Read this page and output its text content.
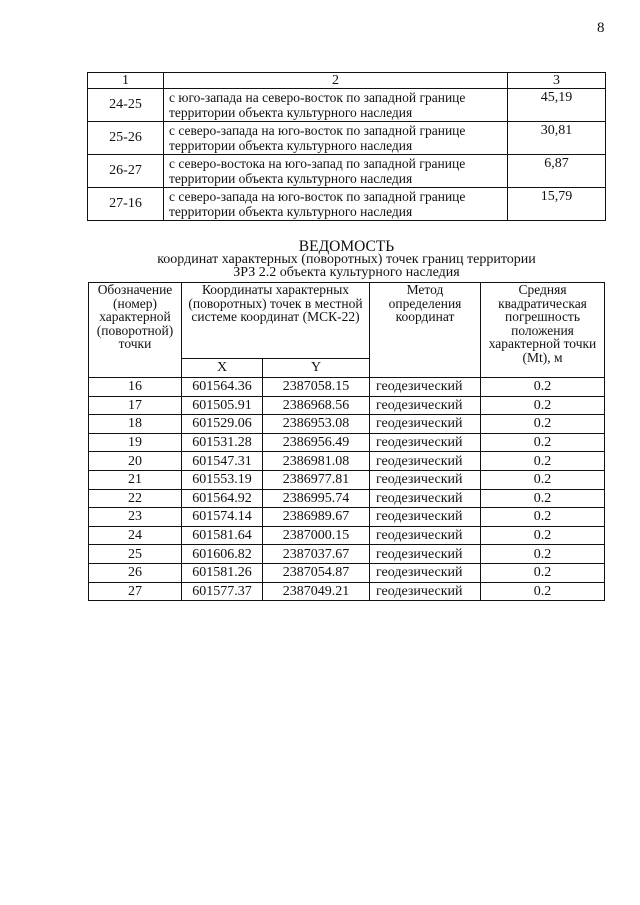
8
1	2	3
24-25	с юго-запада на северо-восток по западной границе
территории объекта культурного наследия	45,19
25-26	с северо-запада на юго-восток по западной границе
территории объекта культурного наследия	30,81
26-27	с северо-востока на юго-запад по западной границе
территории объекта культурного наследия	6,87
27-16	с северо-запада на юго-восток по западной границе
территории объекта культурного наследия	15,79
ВЕДОМОСТЬ
координат характерных (поворотных) точек границ территории
ЗРЗ 2.2 объекта культурного наследия
Обозначение (номер) характерной (поворотной) точки	Координаты характерных (поворотных) точек в местной системе координат (МСК-22)		Метод определения координат	Средняя квадратическая погрешность положения характерной точки (Mt), м
	X	Y		
16	601564.36	2387058.15	геодезический	0.2
17	601505.91	2386968.56	геодезический	0.2
18	601529.06	2386953.08	геодезический	0.2
19	601531.28	2386956.49	геодезический	0.2
20	601547.31	2386981.08	геодезический	0.2
21	601553.19	2386977.81	геодезический	0.2
22	601564.92	2386995.74	геодезический	0.2
23	601574.14	2386989.67	геодезический	0.2
24	601581.64	2387000.15	геодезический	0.2
25	601606.82	2387037.67	геодезический	0.2
26	601581.26	2387054.87	геодезический	0.2
27	601577.37	2387049.21	геодезический	0.2
